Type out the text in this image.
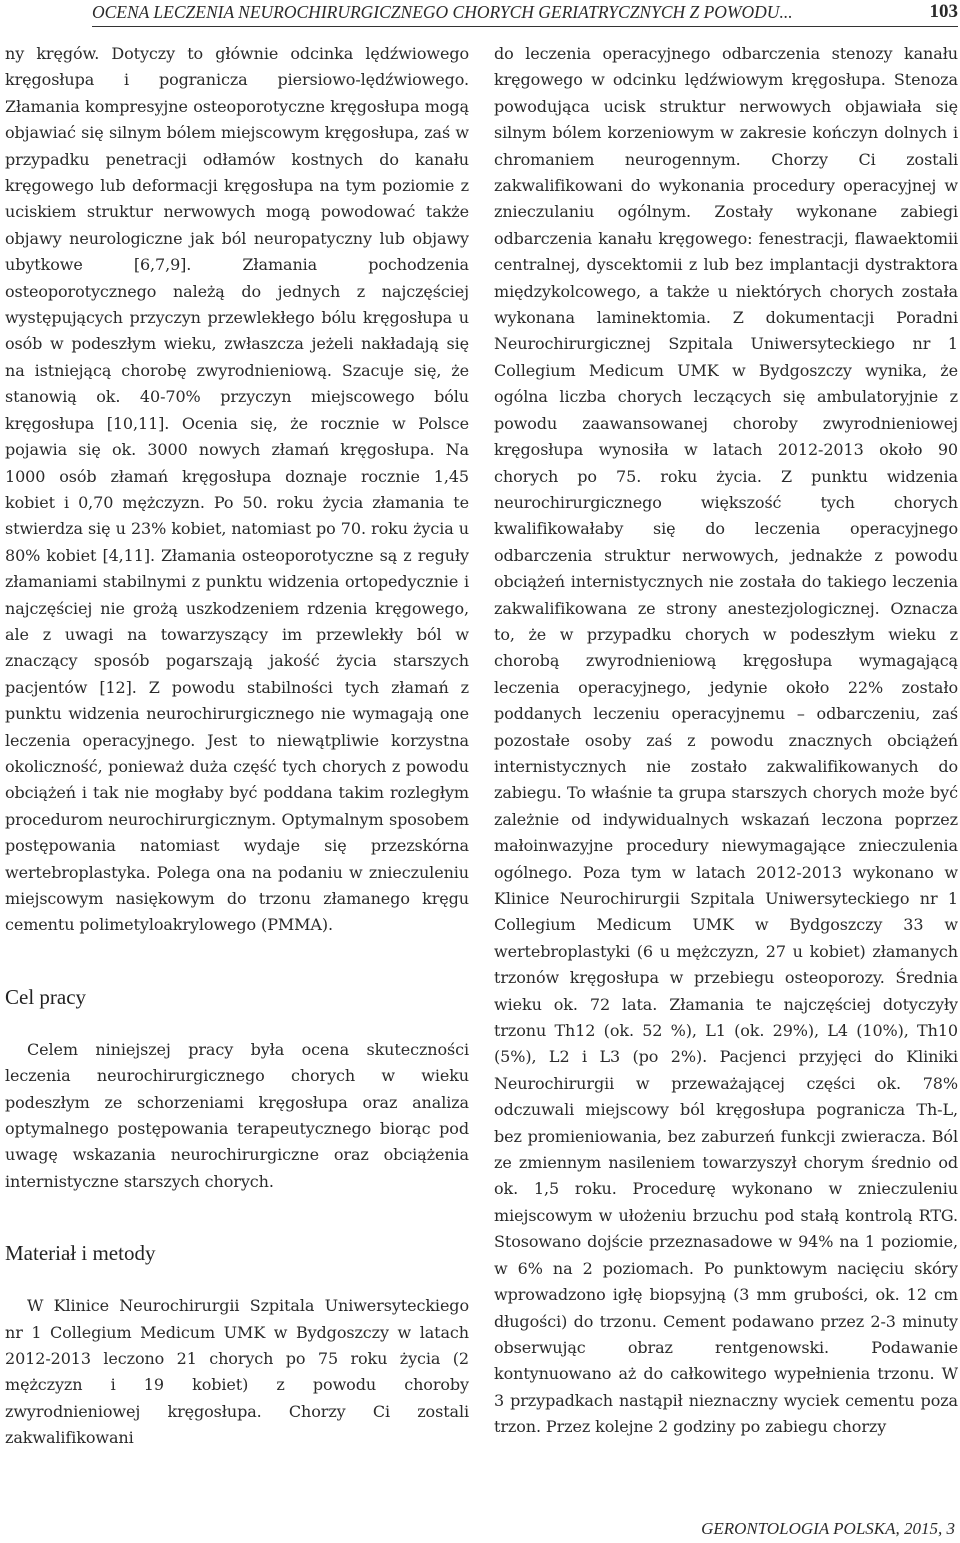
OCENA LECZENIA NEUROCHIRURGICZNEGO CHORYCH GERIATRYCZNYCH Z POWODU...	103

ny kręgów. Dotyczy to głównie odcinka lędźwiowego kręgosłupa i pogranicza piersiowo-lędźwiowego. Złamania kompresyjne osteoporotyczne kręgosłupa mogą objawiać się silnym bólem miejscowym kręgosłupa, zaś w przypadku penetracji odłamów kostnych do kanału kręgowego lub deformacji kręgosłupa na tym poziomie z uciskiem struktur nerwowych mogą powodować także objawy neurologiczne jak ból neuropatyczny lub objawy ubytkowe [6,7,9]. Złamania pochodzenia osteoporotycznego należą do jednych z najczęściej występujących przyczyn przewlekłego bólu kręgosłupa u osób w podeszłym wieku, zwłaszcza jeżeli nakładają się na istniejącą chorobę zwyrodnieniową. Szacuje się, że stanowią ok. 40-70% przyczyn miejscowego bólu kręgosłupa [10,11]. Ocenia się, że rocznie w Polsce pojawia się ok. 3000 nowych złamań kręgosłupa. Na 1000 osób złamań kręgosłupa doznaje rocznie 1,45 kobiet i 0,70 mężczyzn. Po 50. roku życia złamania te stwierdza się u 23% kobiet, natomiast po 70. roku życia u 80% kobiet [4,11]. Złamania osteoporotyczne są z reguły złamaniami stabilnymi z punktu widzenia ortopedycznie i najczęściej nie grożą uszkodzeniem rdzenia kręgowego, ale z uwagi na towarzyszący im przewlekły ból w znaczący sposób pogarszają jakość życia starszych pacjentów [12]. Z powodu stabilności tych złamań z punktu widzenia neurochirurgicznego nie wymagają one leczenia operacyjnego. Jest to niewątpliwie korzystna okoliczność, ponieważ duża część tych chorych z powodu obciążeń i tak nie mogłaby być poddana takim rozległym procedurom neurochirurgicznym. Optymalnym sposobem postępowania natomiast wydaje się przezskórna wertebroplastyka. Polega ona na podaniu w znieczuleniu miejscowym nasiękowym do trzonu złamanego kręgu cementu polimetyloakrylowego (PMMA).

Cel pracy

Celem niniejszej pracy była ocena skuteczności leczenia neurochirurgicznego chorych w wieku podeszłym ze schorzeniami kręgosłupa oraz analiza optymalnego postępowania terapeutycznego biorąc pod uwagę wskazania neurochirurgiczne oraz obciążenia internistyczne starszych chorych.

Materiał i metody

W Klinice Neurochirurgii Szpitala Uniwersyteckiego nr 1 Collegium Medicum UMK w Bydgoszczy w latach 2012-2013 leczono 21 chorych po 75 roku życia (2 mężczyzn i 19 kobiet) z powodu choroby zwyrodnieniowej kręgosłupa. Chorzy Ci zostali zakwalifikowani

do leczenia operacyjnego odbarczenia stenozy kanału kręgowego w odcinku lędźwiowym kręgosłupa. Stenoza powodująca ucisk struktur nerwowych objawiała się silnym bólem korzeniowym w zakresie kończyn dolnych i chromaniem neurogennym. Chorzy Ci zostali zakwalifikowani do wykonania procedury operacyjnej w znieczulaniu ogólnym. Zostały wykonane zabiegi odbarczenia kanału kręgowego: fenestracji, flawaektomii centralnej, dyscektomii z lub bez implantacji dystraktora międzykolcowego, a także u niektórych chorych została wykonana laminektomia. Z dokumentacji Poradni Neurochirurgicznej Szpitala Uniwersyteckiego nr 1 Collegium Medicum UMK w Bydgoszczy wynika, że ogólna liczba chorych leczących się ambulatoryjnie z powodu zaawansowanej choroby zwyrodnieniowej kręgosłupa wynosiła w latach 2012-2013 około 90 chorych po 75. roku życia. Z punktu widzenia neurochirurgicznego większość tych chorych kwalifikowałaby się do leczenia operacyjnego odbarczenia struktur nerwowych, jednakże z powodu obciążeń internistycznych nie została do takiego leczenia zakwalifikowana ze strony anestezjologicznej. Oznacza to, że w przypadku chorych w podeszłym wieku z chorobą zwyrodnieniową kręgosłupa wymagającą leczenia operacyjnego, jedynie około 22% zostało poddanych leczeniu operacyjnemu – odbarczeniu, zaś pozostałe osoby zaś z powodu znacznych obciążeń internistycznych nie zostało zakwalifikowanych do zabiegu. To właśnie ta grupa starszych chorych może być zależnie od indywidualnych wskazań leczona poprzez małoinwazyjne procedury niewymagające znieczulenia ogólnego. Poza tym w latach 2012-2013 wykonano w Klinice Neurochirurgii Szpitala Uniwersyteckiego nr 1 Collegium Medicum UMK w Bydgoszczy 33 w wertebroplastyki (6 u mężczyzn, 27 u kobiet) złamanych trzonów kręgosłupa w przebiegu osteoporozy. Średnia wieku ok. 72 lata. Złamania te najczęściej dotyczyły trzonu Th12 (ok. 52 %), L1 (ok. 29%), L4 (10%), Th10 (5%), L2 i L3 (po 2%). Pacjenci przyjęci do Kliniki Neurochirurgii w przeważającej części ok. 78% odczuwali miejscowy ból kręgosłupa pogranicza Th-L, bez promieniowania, bez zaburzeń funkcji zwieracza. Ból ze zmiennym nasileniem towarzyszył chorym średnio od ok. 1,5 roku. Procedurę wykonano w znieczuleniu miejscowym w ułożeniu brzuchu pod stałą kontrolą RTG. Stosowano dojście przeznasadowe w 94% na 1 poziomie, w 6% na 2 poziomach. Po punktowym nacięciu skóry wprowadzono igłę biopsyjną (3 mm grubości, ok. 12 cm długości) do trzonu. Cement podawano przez 2-3 minuty obserwując obraz rentgenowski. Podawanie kontynuowano aż do całkowitego wypełnienia trzonu. W 3 przypadkach nastąpił nieznaczny wyciek cementu poza trzon. Przez kolejne 2 godziny po zabiegu chorzy

GERONTOLOGIA POLSKA, 2015, 3
